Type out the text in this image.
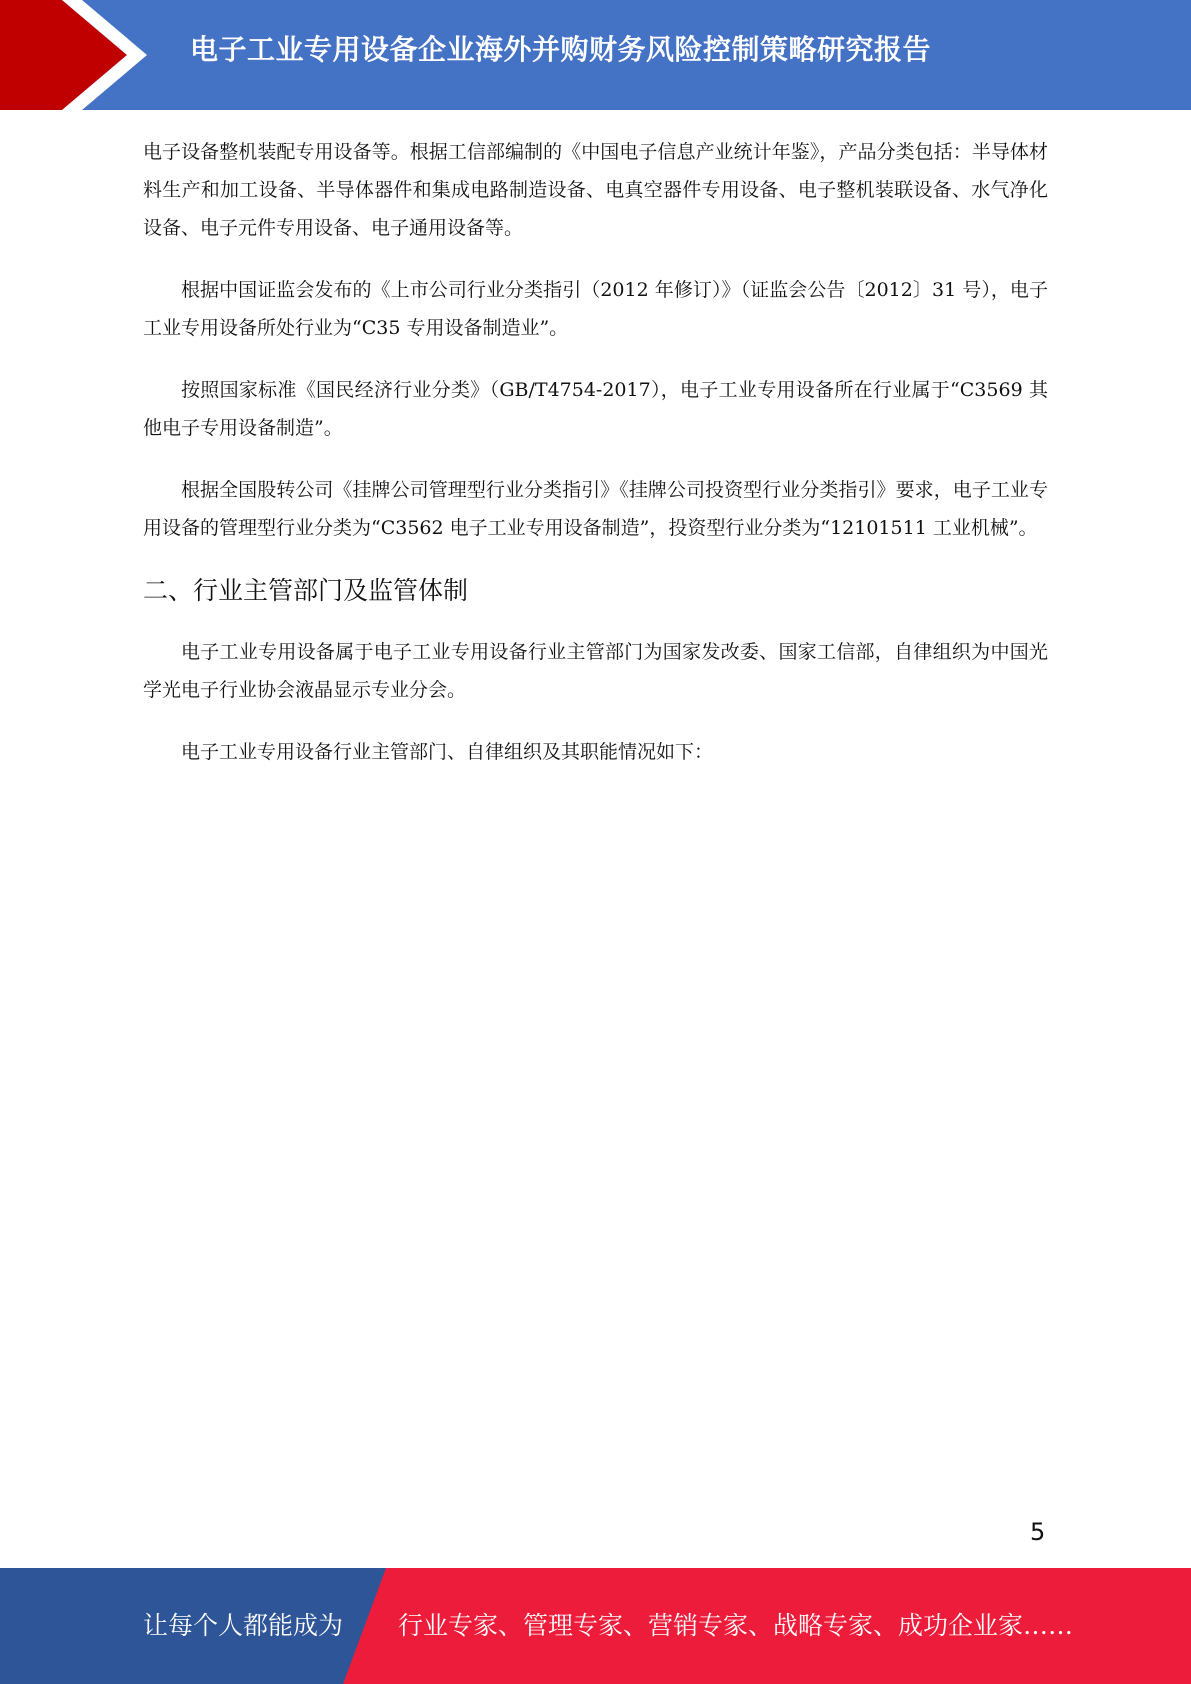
电子工业专用设备企业海外并购财务风险控制策略研究报告

电子设备整机装配专用设备等。根据工信部编制的《中国电子信息产业统计年鉴》，产品分类包括：半导体材料生产和加工设备、半导体器件和集成电路制造设备、电真空器件专用设备、电子整机装联设备、水气净化设备、电子元件专用设备、电子通用设备等。

根据中国证监会发布的《上市公司行业分类指引（2012 年修订）》（证监会公告〔2012〕31 号），电子工业专用设备所处行业为“C35 专用设备制造业”。

按照国家标准《国民经济行业分类》（GB/T4754-2017），电子工业专用设备所在行业属于“C3569 其他电子专用设备制造”。

根据全国股转公司《挂牌公司管理型行业分类指引》《挂牌公司投资型行业分类指引》要求，电子工业专用设备的管理型行业分类为“C3562 电子工业专用设备制造”，投资型行业分类为“12101511 工业机械”。

二、行业主管部门及监管体制

电子工业专用设备属于电子工业专用设备行业主管部门为国家发改委、国家工信部，自律组织为中国光学光电子行业协会液晶显示专业分会。

电子工业专用设备行业主管部门、自律组织及其职能情况如下：

5
让每个人都能成为 行业专家、管理专家、营销专家、战略专家、成功企业家……
